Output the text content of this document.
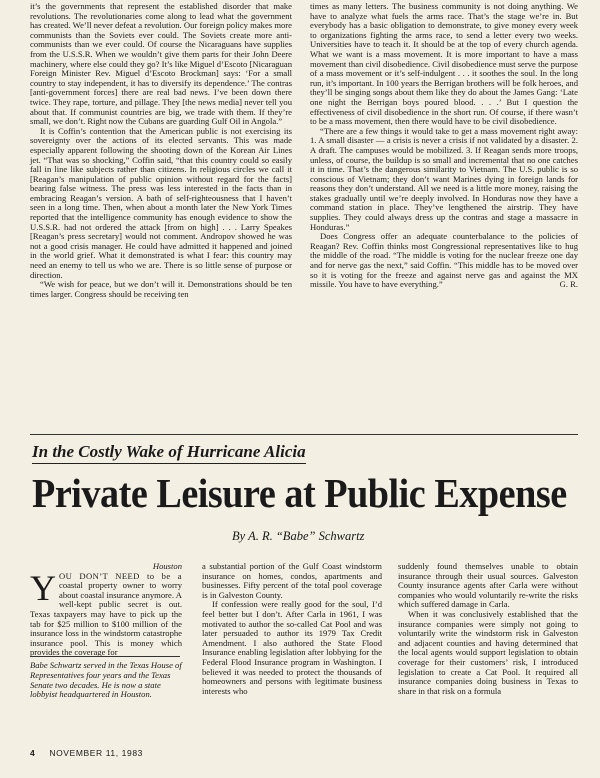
it’s the governments that represent the established disorder that make revolutions. The revolutionaries come along to lead what the government has created. We’ll never defeat a revolution. Our foreign policy makes more communists than the Soviets ever could. The Soviets create more anti-communists than we ever could. Of course the Nicaraguans have supplies from the U.S.S.R. When we wouldn’t give them parts for their John Deere machinery, where else could they go? It’s like Miguel d’Escoto [Nicaraguan Foreign Minister Rev. Miguel d’Escoto Brockman] says: ‘For a small country to stay independent, it has to diversify its dependence.’ The contras [anti-government forces] there are real bad news. I’ve been down there twice. They rape, torture, and pillage. They [the news media] never tell you about that. If communist countries are big, we trade with them. If they’re small, we don’t. Right now the Cubans are guarding Gulf Oil in Angola.”

It is Coffin’s contention that the American public is not exercising its sovereignty over the actions of its elected servants. This was made especially apparent following the shooting down of the Korean Air Lines jet. “That was so shocking,” Coffin said, “that this country could so easily fall in line like subjects rather than citizens. In religious circles we call it [Reagan’s manipulation of public opinion without regard for the facts] bearing false witness. The press was less interested in the facts than in embracing Reagan’s version. A bath of self-righteousness that I haven’t seen in a long time. Then, when about a month later the New York Times reported that the intelligence community has enough evidence to show the U.S.S.R. had not ordered the attack [from on high] . . . Larry Speakes [Reagan’s press secretary] would not comment. Andropov showed he was not a good crisis manager. He could have admitted it happened and joined in the world grief. What it demonstrated is what I fear: this country may need an enemy to tell us who we are. There is so little sense of purpose or direction.

“We wish for peace, but we don’t will it. Demonstrations should be ten times larger. Congress should be receiving ten

times as many letters. The business community is not doing anything. We have to analyze what fuels the arms race. That’s the stage we’re in. But everybody has a basic obligation to demonstrate, to give money every week to organizations fighting the arms race, to send a letter every two weeks. Universities have to teach it. It should be at the top of every church agenda. What we want is a mass movement. It is more important to have a mass movement than civil disobedience. Civil disobedience must serve the purpose of a mass movement or it’s self-indulgent . . . it soothes the soul. In the long run, it’s important. In 100 years the Berrigan brothers will be folk heroes, and they’ll be singing songs about them like they do about the James Gang: ‘Late one night the Berrigan boys poured blood. . . .’ But I question the effectiveness of civil disobedience in the short run. Of course, if there wasn’t to be a mass movement, then there would have to be civil disobedience.

“There are a few things it would take to get a mass movement right away: 1. A small disaster — a crisis is never a crisis if not validated by a disaster. 2. A draft. The campuses would be mobilized. 3. If Reagan sends more troops, unless, of course, the buildup is so small and incremental that no one catches it in time. That’s the dangerous similarity to Vietnam. The U.S. public is so conscious of Vietnam; they don’t want Marines dying in foreign lands for reasons they don’t understand. All we need is a little more money, raising the stakes gradually until we’re deeply involved. In Honduras now they have a command station in place. They’ve lengthened the airstrip. They have supplies. They could always dress up the contras and stage a massacre in Honduras.”

Does Congress offer an adequate counterbalance to the policies of Reagan? Rev. Coffin thinks most Congressional representatives like to hug the middle of the road. “The middle is voting for the nuclear freeze one day and for nerve gas the next,” said Coffin. “This middle has to be moved over so it is voting for the freeze and against nerve gas and against the MX missile. You have to have everything.”	G. R.

In the Costly Wake of Hurricane Alicia
Private Leisure at Public Expense
By A. R. “Babe” Schwartz
Houston

YOU DON’T NEED to be a coastal property owner to worry about coastal insurance anymore. A well-kept public secret is out. Texas taxpayers may have to pick up the tab for $25 million to $100 million of the insurance loss in the windstorm catastrophe insurance pool. This is money which provides the coverage for

Babe Schwartz served in the Texas House of Representatives four years and the Texas Senate two decades. He is now a state lobbyist headquartered in Houston.

a substantial portion of the Gulf Coast windstorm insurance on homes, condos, apartments and businesses. Fifty percent of the total pool coverage is in Galveston County.

If confession were really good for the soul, I’d feel better but I don’t. After Carla in 1961, I was motivated to author the so-called Cat Pool and was later persuaded to author its 1979 Tax Credit Amendment. I also authored the State Flood Insurance enabling legislation after lobbying for the Federal Flood Insurance program in Washington. I believed it was needed to protect the thousands of homeowners and persons with legitimate business interests who

suddenly found themselves unable to obtain insurance through their usual sources. Galveston County insurance agents after Carla were without companies who would voluntarily re-write the risks which suffered damage in Carla.

When it was conclusively established that the insurance companies were simply not going to voluntarily write the windstorm risk in Galveston and adjacent counties and having determined that the local agents would support legislation to obtain coverage for their customers’ risk, I introduced legislation to create a Cat Pool. It required all insurance companies doing business in Texas to share in that risk on a formula

4 NOVEMBER 11, 1983
